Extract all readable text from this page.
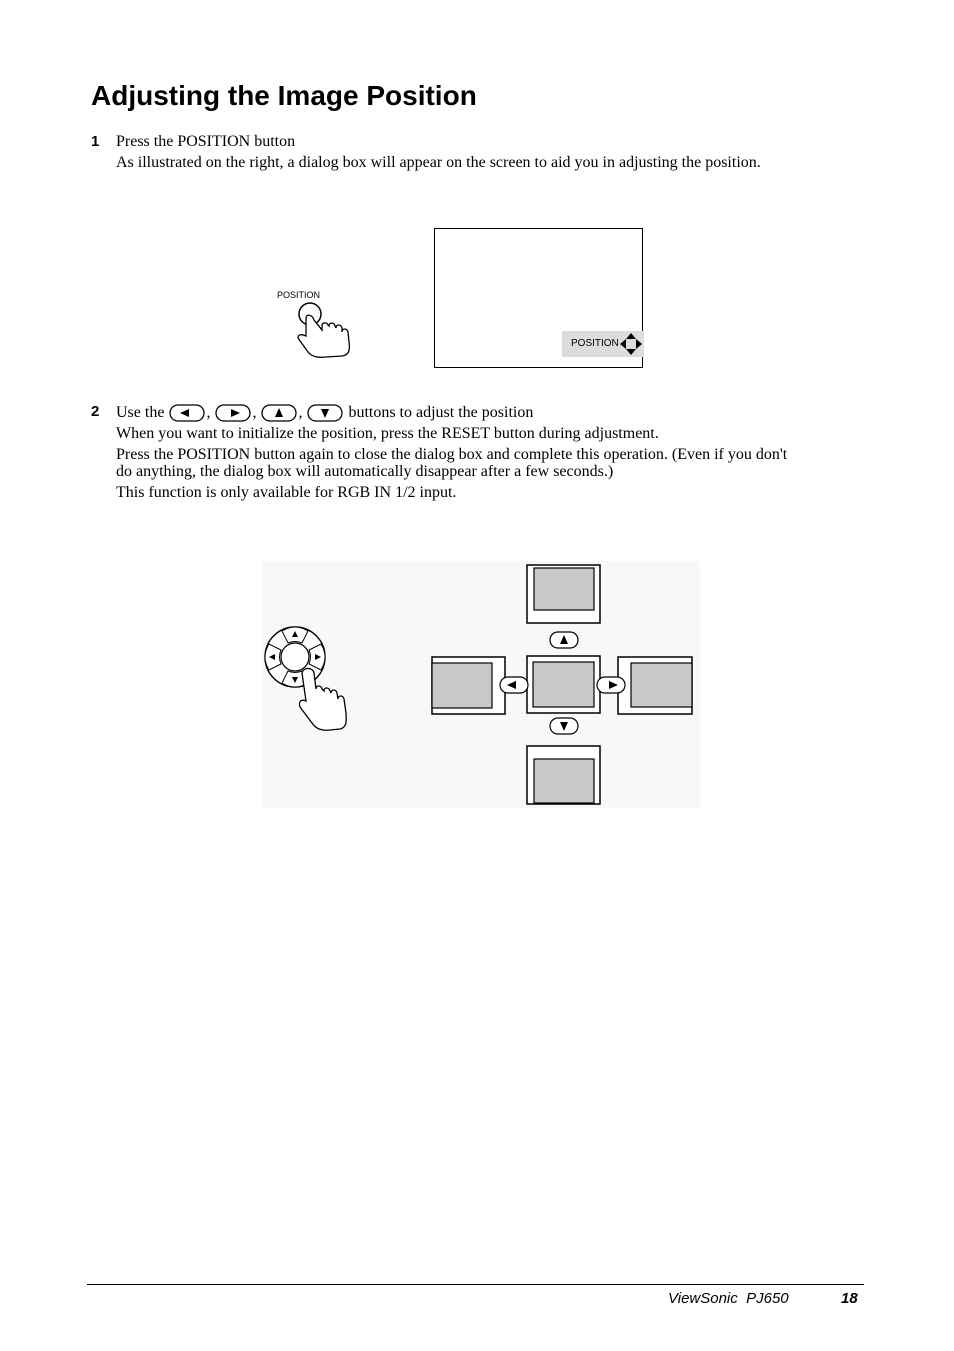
Adjusting the Image Position
1 Press the POSITION button
As illustrated on the right, a dialog box will appear on the screen to aid you in adjusting the position.
POSITION
POSITION
2 Use the	,
,
,	buttons to adjust the position
When you want to initialize the position, press the RESET button during adjustment.
Press the POSITION button again to close the dialog box and complete this operation. (Even if you don't
do anything, the dialog box will automatically disappear after a few seconds.)
This function is only available for RGB IN 1/2 input.
ViewSonic  PJ650	18
